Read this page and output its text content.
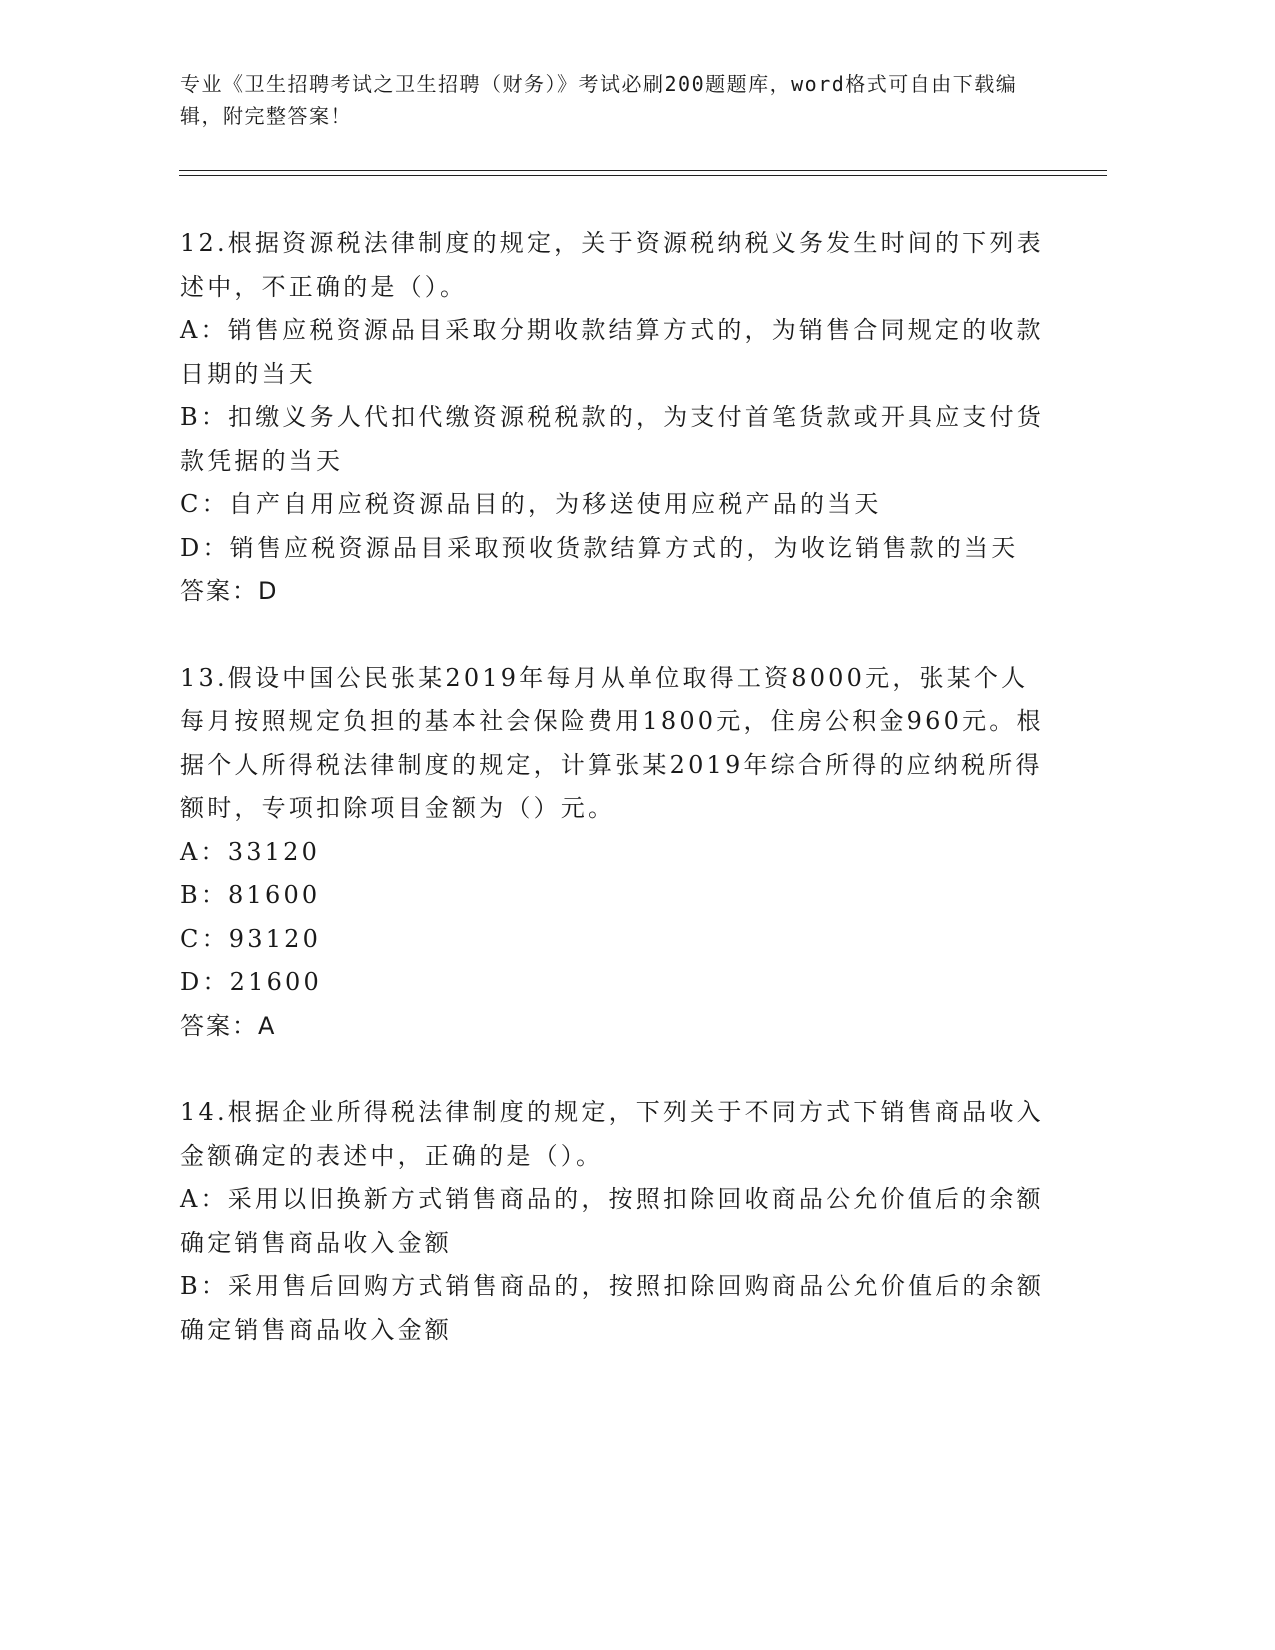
专业《卫生招聘考试之卫生招聘（财务）》考试必刷200题题库，word格式可自由下载编辑，附完整答案！

12.根据资源税法律制度的规定，关于资源税纳税义务发生时间的下列表述中，不正确的是（）。

A：销售应税资源品目采取分期收款结算方式的，为销售合同规定的收款日期的当天

B：扣缴义务人代扣代缴资源税税款的，为支付首笔货款或开具应支付货款凭据的当天

C：自产自用应税资源品目的，为移送使用应税产品的当天

D：销售应税资源品目采取预收货款结算方式的，为收讫销售款的当天

答案：D

13.假设中国公民张某2019年每月从单位取得工资8000元，张某个人每月按照规定负担的基本社会保险费用1800元，住房公积金960元。根据个人所得税法律制度的规定，计算张某2019年综合所得的应纳税所得额时，专项扣除项目金额为（）元。

A：33120

B：81600

C：93120

D：21600

答案：A

14.根据企业所得税法律制度的规定，下列关于不同方式下销售商品收入金额确定的表述中，正确的是（）。

A：采用以旧换新方式销售商品的，按照扣除回收商品公允价值后的余额确定销售商品收入金额

B：采用售后回购方式销售商品的，按照扣除回购商品公允价值后的余额确定销售商品收入金额
